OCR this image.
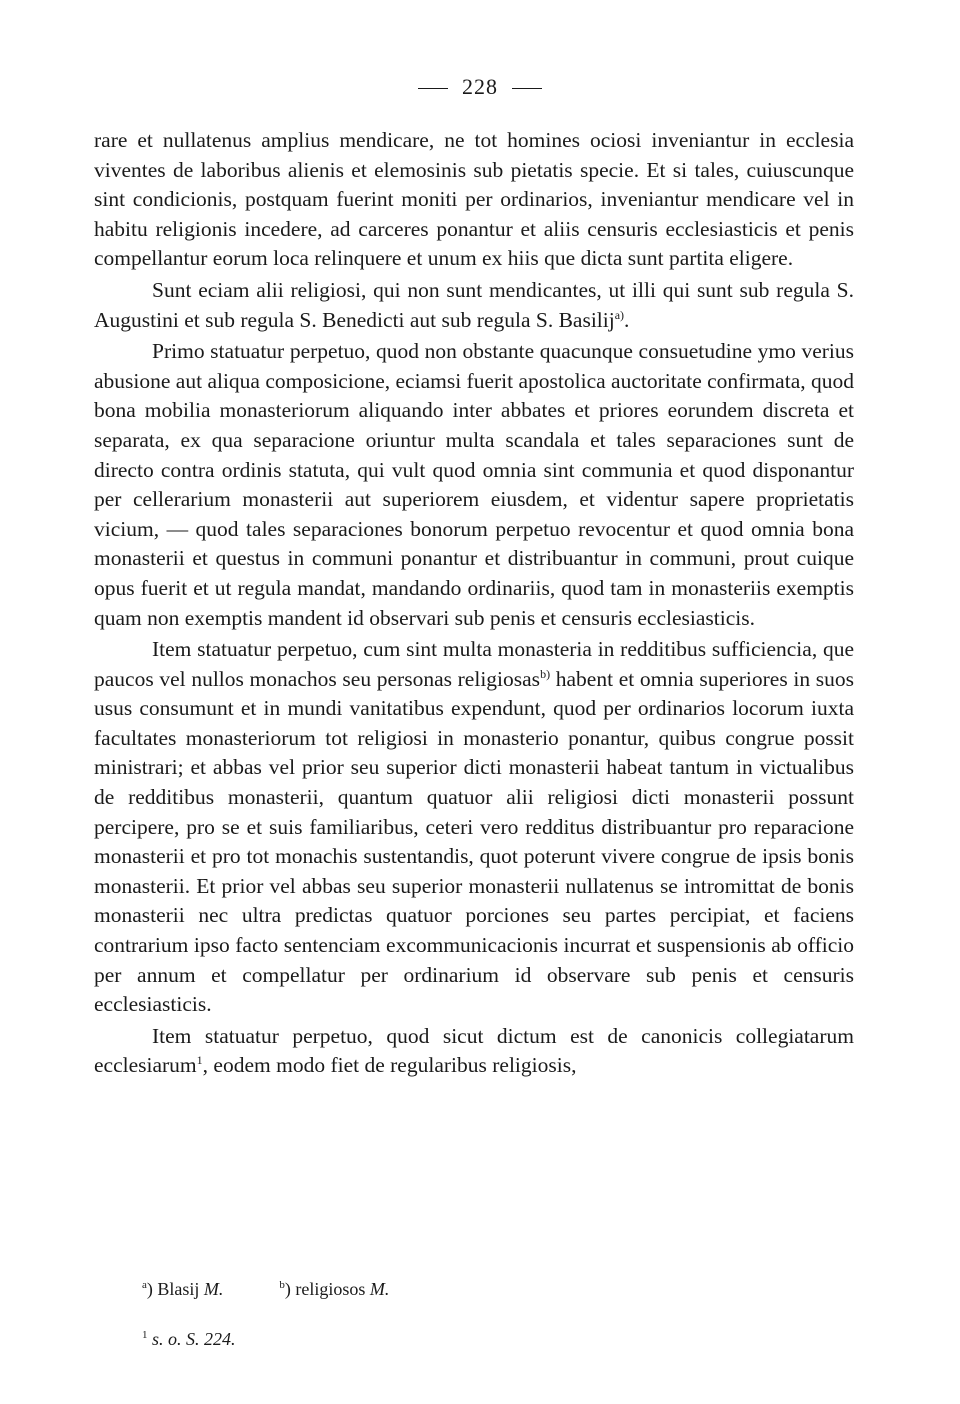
228

rare et nullatenus amplius mendicare, ne tot homines ociosi inveniantur in ecclesia viventes de laboribus alienis et elemosinis sub pietatis specie. Et si tales, cuiuscunque sint condicionis, postquam fuerint moniti per ordinarios, inveniantur mendicare vel in habitu religionis incedere, ad carceres ponantur et aliis censuris ecclesiasticis et penis compellantur eorum loca relinquere et unum ex hiis que dicta sunt partita eligere.

Sunt eciam alii religiosi, qui non sunt mendicantes, ut illi qui sunt sub regula S. Augustini et sub regula S. Benedicti aut sub regula S. Basilij$^{a)}$.

Primo statuatur perpetuo, quod non obstante quacunque consuetudine ymo verius abusione aut aliqua composicione, eciamsi fuerit apostolica auctoritate confirmata, quod bona mobilia monasteriorum aliquando inter abbates et priores eorundem discreta et separata, ex qua separacione oriuntur multa scandala et tales separaciones sunt de directo contra ordinis statuta, qui vult quod omnia sint communia et quod disponantur per cellerarium monasterii aut superiorem eiusdem, et videntur sapere proprietatis vicium, — quod tales separaciones bonorum perpetuo revocentur et quod omnia bona monasterii et questus in communi ponantur et distribuantur in communi, prout cuique opus fuerit et ut regula mandat, mandando ordinariis, quod tam in monasteriis exemptis quam non exemptis mandent id observari sub penis et censuris ecclesiasticis.

Item statuatur perpetuo, cum sint multa monasteria in redditibus sufficiencia, que paucos vel nullos monachos seu personas religiosas$^{b)}$ habent et omnia superiores in suos usus consumunt et in mundi vanitatibus expendunt, quod per ordinarios locorum iuxta facultates monasteriorum tot religiosi in monasterio ponantur, quibus congrue possit ministrari; et abbas vel prior seu superior dicti monasterii habeat tantum in victualibus de redditibus monasterii, quantum quatuor alii religiosi dicti monasterii possunt percipere, pro se et suis familiaribus, ceteri vero redditus distribuantur pro reparacione monasterii et pro tot monachis sustentandis, quot poterunt vivere congrue de ipsis bonis monasterii. Et prior vel abbas seu superior monasterii nullatenus se intromittat de bonis monasterii nec ultra predictas quatuor porciones seu partes percipiat, et faciens contrarium ipso facto sentenciam excommunicacionis incurrat et suspensionis ab officio per annum et compellatur per ordinarium id observare sub penis et censuris ecclesiasticis.

Item statuatur perpetuo, quod sicut dictum est de canonicis collegiatarum ecclesiarum$^1$, eodem modo fiet de regularibus religiosis,

$^a$) Blasij M.	$^b$) religiosos M.
$^1$ s. o. S. 224.
